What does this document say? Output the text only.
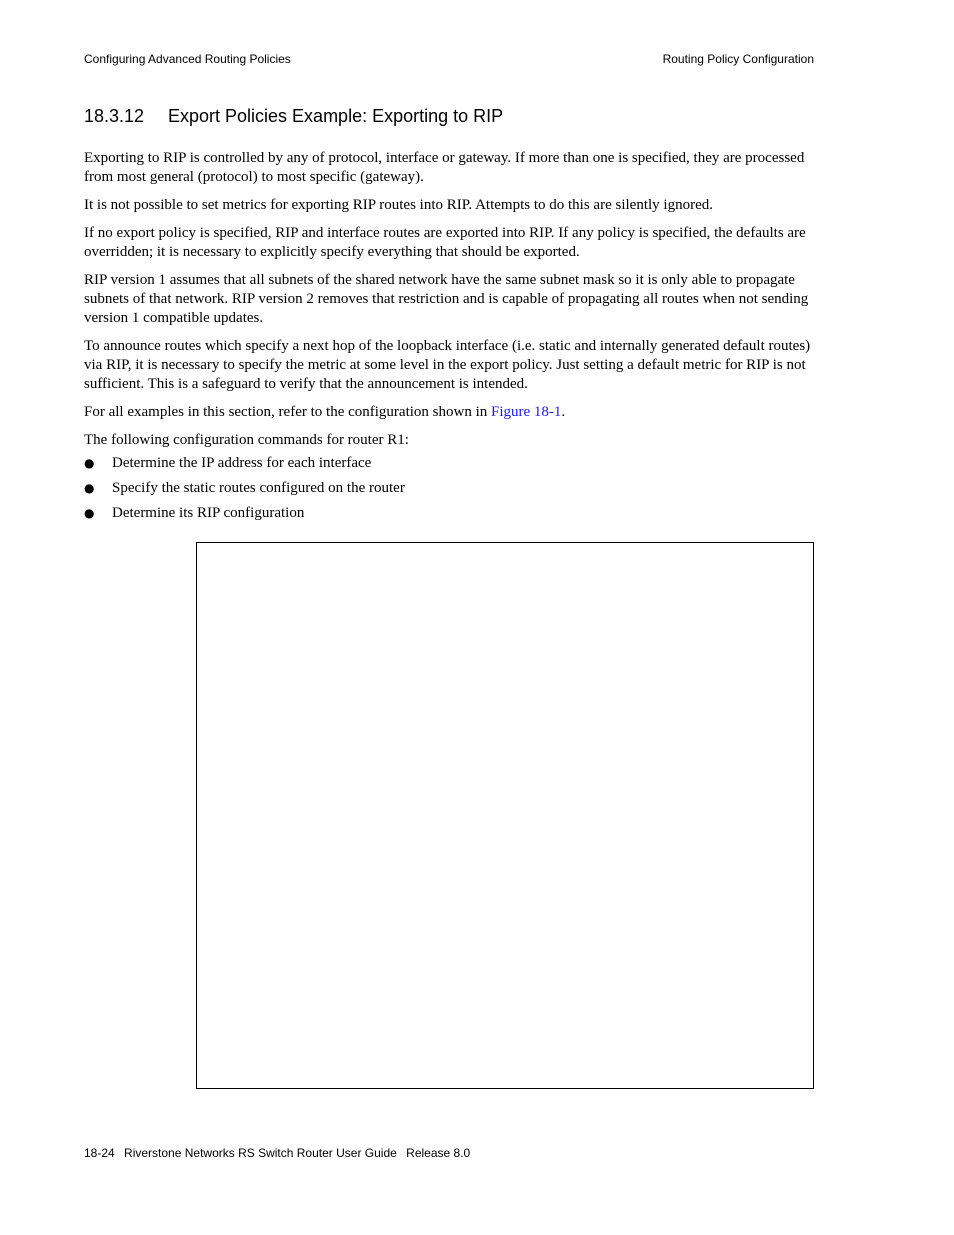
Configuring Advanced Routing Policies	Routing Policy Configuration
18.3.12 Export Policies Example: Exporting to RIP

Exporting to RIP is controlled by any of protocol, interface or gateway. If more than one is specified, they are processed from most general (protocol) to most specific (gateway).

It is not possible to set metrics for exporting RIP routes into RIP. Attempts to do this are silently ignored.

If no export policy is specified, RIP and interface routes are exported into RIP. If any policy is specified, the defaults are overridden; it is necessary to explicitly specify everything that should be exported.

RIP version 1 assumes that all subnets of the shared network have the same subnet mask so it is only able to propagate subnets of that network. RIP version 2 removes that restriction and is capable of propagating all routes when not sending version 1 compatible updates.

To announce routes which specify a next hop of the loopback interface (i.e. static and internally generated default routes) via RIP, it is necessary to specify the metric at some level in the export policy. Just setting a default metric for RIP is not sufficient. This is a safeguard to verify that the announcement is intended.

For all examples in this section, refer to the configuration shown in Figure 18-1.

The following configuration commands for router R1:

● Determine the IP address for each interface
● Specify the static routes configured on the router
● Determine its RIP configuration
18-24 Riverstone Networks RS Switch Router User Guide Release 8.0
